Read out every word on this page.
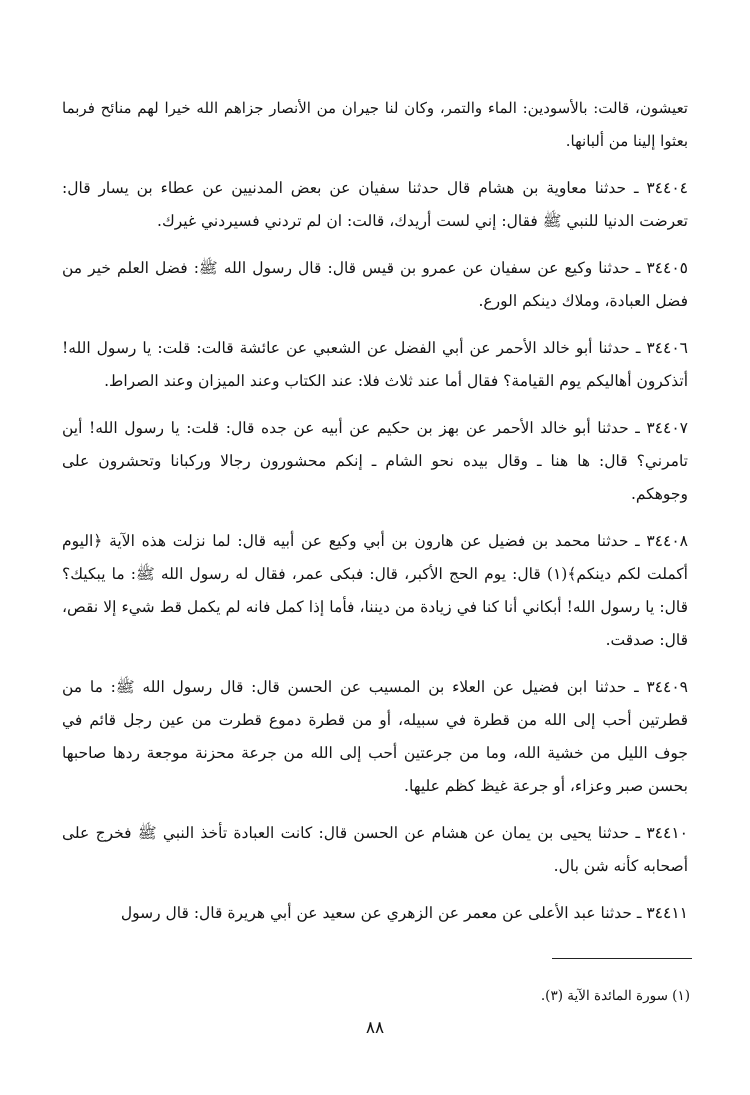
تعيشون، قالت: بالأسودين: الماء والتمر، وكان لنا جيران من الأنصار جزاهم الله خيرا لهم منائح فربما بعثوا إلينا من ألبانها.

٣٤٤٠٤ ـ حدثنا معاوية بن هشام قال حدثنا سفيان عن بعض المدنيين عن عطاء بن يسار قال: تعرضت الدنيا للنبي ﷺ فقال: إني لست أريدك، قالت: ان لم تردني فسيردني غيرك.

٣٤٤٠٥ ـ حدثنا وكيع عن سفيان عن عمرو بن قيس قال: قال رسول الله ﷺ: فضل العلم خير من فضل العبادة، وملاك دينكم الورع.

٣٤٤٠٦ ـ حدثنا أبو خالد الأحمر عن أبي الفضل عن الشعبي عن عائشة قالت: قلت: يا رسول الله! أتذكرون أهاليكم يوم القيامة؟ فقال أما عند ثلاث فلا: عند الكتاب وعند الميزان وعند الصراط.

٣٤٤٠٧ ـ حدثنا أبو خالد الأحمر عن بهز بن حكيم عن أبيه عن جده قال: قلت: يا رسول الله! أين تامرني؟ قال: ها هنا ـ وقال بيده نحو الشام ـ إنكم محشورون رجالا وركبانا وتحشرون على وجوهكم.

٣٤٤٠٨ ـ حدثنا محمد بن فضيل عن هارون بن أبي وكيع عن أبيه قال: لما نزلت هذه الآية ﴿اليوم أكملت لكم دينكم﴾(١) قال: يوم الحج الأكبر، قال: فبكى عمر، فقال له رسول الله ﷺ: ما يبكيك؟ قال: يا رسول الله! أبكاني أنا كنا في زيادة من ديننا، فأما إذا كمل فانه لم يكمل قط شيء إلا نقص، قال: صدقت.

٣٤٤٠٩ ـ حدثنا ابن فضيل عن العلاء بن المسيب عن الحسن قال: قال رسول الله ﷺ: ما من قطرتين أحب إلى الله من قطرة في سبيله، أو من قطرة دموع قطرت من عين رجل قائم في جوف الليل من خشية الله، وما من جرعتين أحب إلى الله من جرعة محزنة موجعة ردها صاحبها بحسن صبر وعزاء، أو جرعة غيظ كظم عليها.

٣٤٤١٠ ـ حدثنا يحيى بن يمان عن هشام عن الحسن قال: كانت العبادة تأخذ النبي ﷺ فخرج على أصحابه كأنه شن بال.

٣٤٤١١ ـ حدثنا عبد الأعلى عن معمر عن الزهري عن سعيد عن أبي هريرة قال: قال رسول

(١) سورة المائدة الآية (٣).
٨٨
